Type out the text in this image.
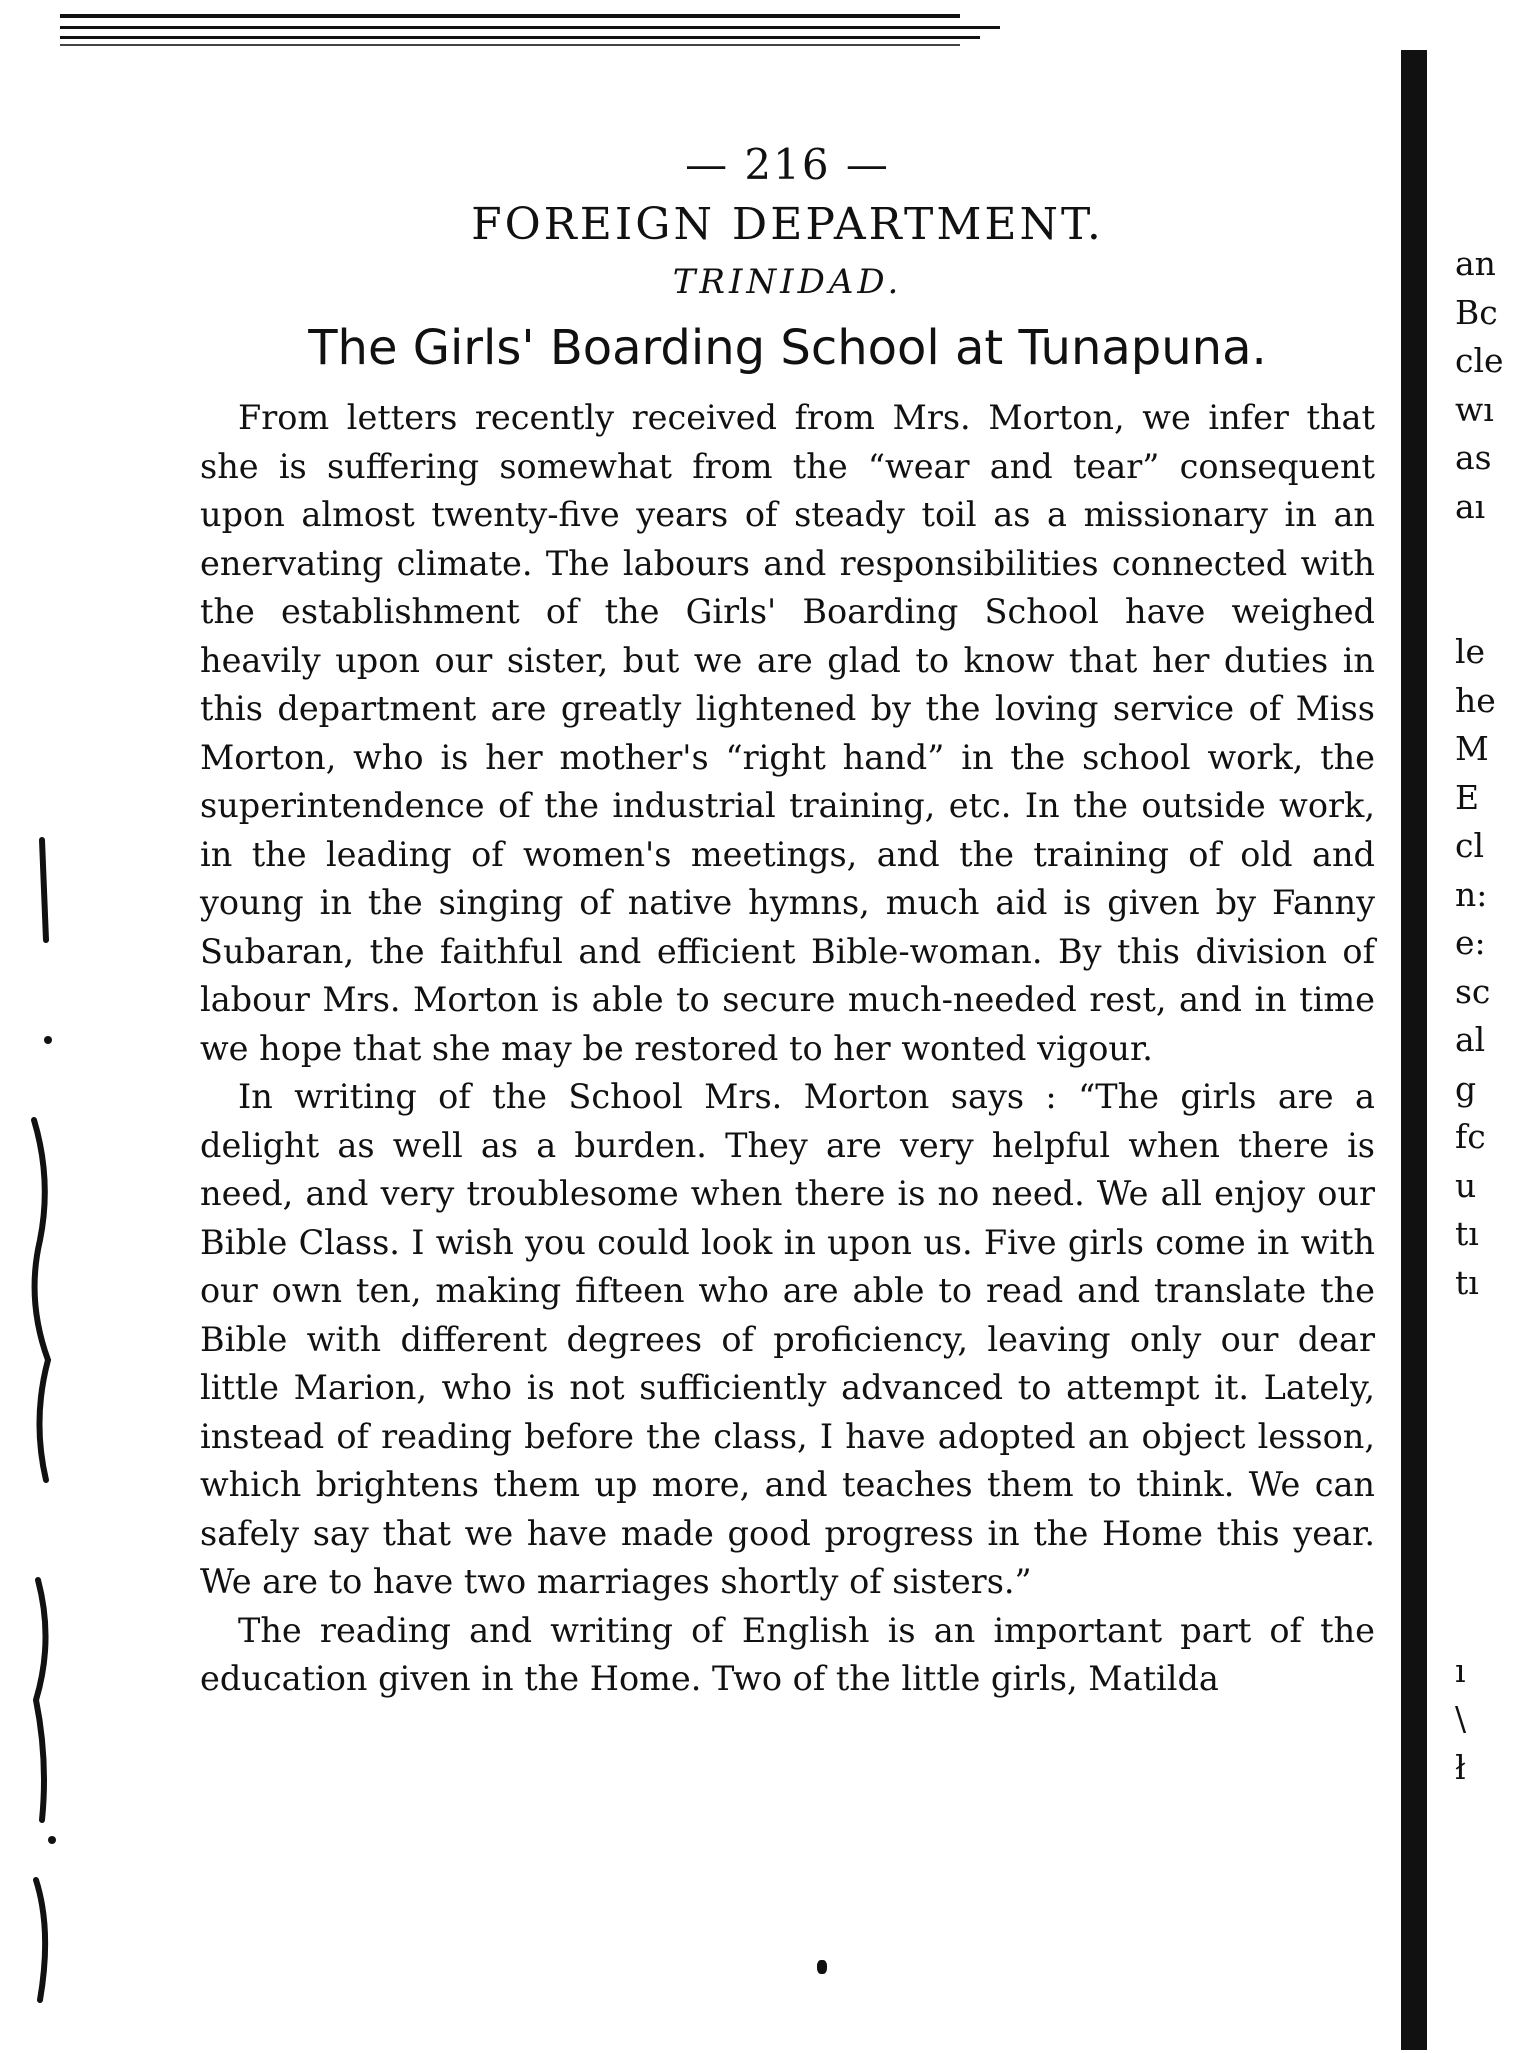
an
Bc
cle
wı
as
aı
le
he
M
E
cl
n:
e:
sc
al
g
fc
u
tı
tı
ı
\
ł
— 216 —
FOREIGN DEPARTMENT.
TRINIDAD.
The Girls' Boarding School at Tunapuna.

From letters recently received from Mrs. Morton, we infer that she is suffering somewhat from the “wear and tear” consequent upon almost twenty-five years of steady toil as a missionary in an enervating climate. The labours and responsibilities connected with the establishment of the Girls' Boarding School have weighed heavily upon our sister, but we are glad to know that her duties in this department are greatly lightened by the loving service of Miss Morton, who is her mother's “right hand” in the school work, the superintendence of the industrial training, etc. In the outside work, in the leading of women's meetings, and the training of old and young in the singing of native hymns, much aid is given by Fanny Subaran, the faithful and efficient Bible-woman. By this division of labour Mrs. Morton is able to secure much-needed rest, and in time we hope that she may be restored to her wonted vigour.

In writing of the School Mrs. Morton says : “The girls are a delight as well as a burden. They are very helpful when there is need, and very troublesome when there is no need. We all enjoy our Bible Class. I wish you could look in upon us. Five girls come in with our own ten, making fifteen who are able to read and translate the Bible with different degrees of proficiency, leaving only our dear little Marion, who is not sufficiently advanced to attempt it. Lately, instead of reading before the class, I have adopted an object lesson, which brightens them up more, and teaches them to think. We can safely say that we have made good progress in the Home this year. We are to have two marriages shortly of sisters.”

The reading and writing of English is an important part of the education given in the Home. Two of the little girls, Matilda
